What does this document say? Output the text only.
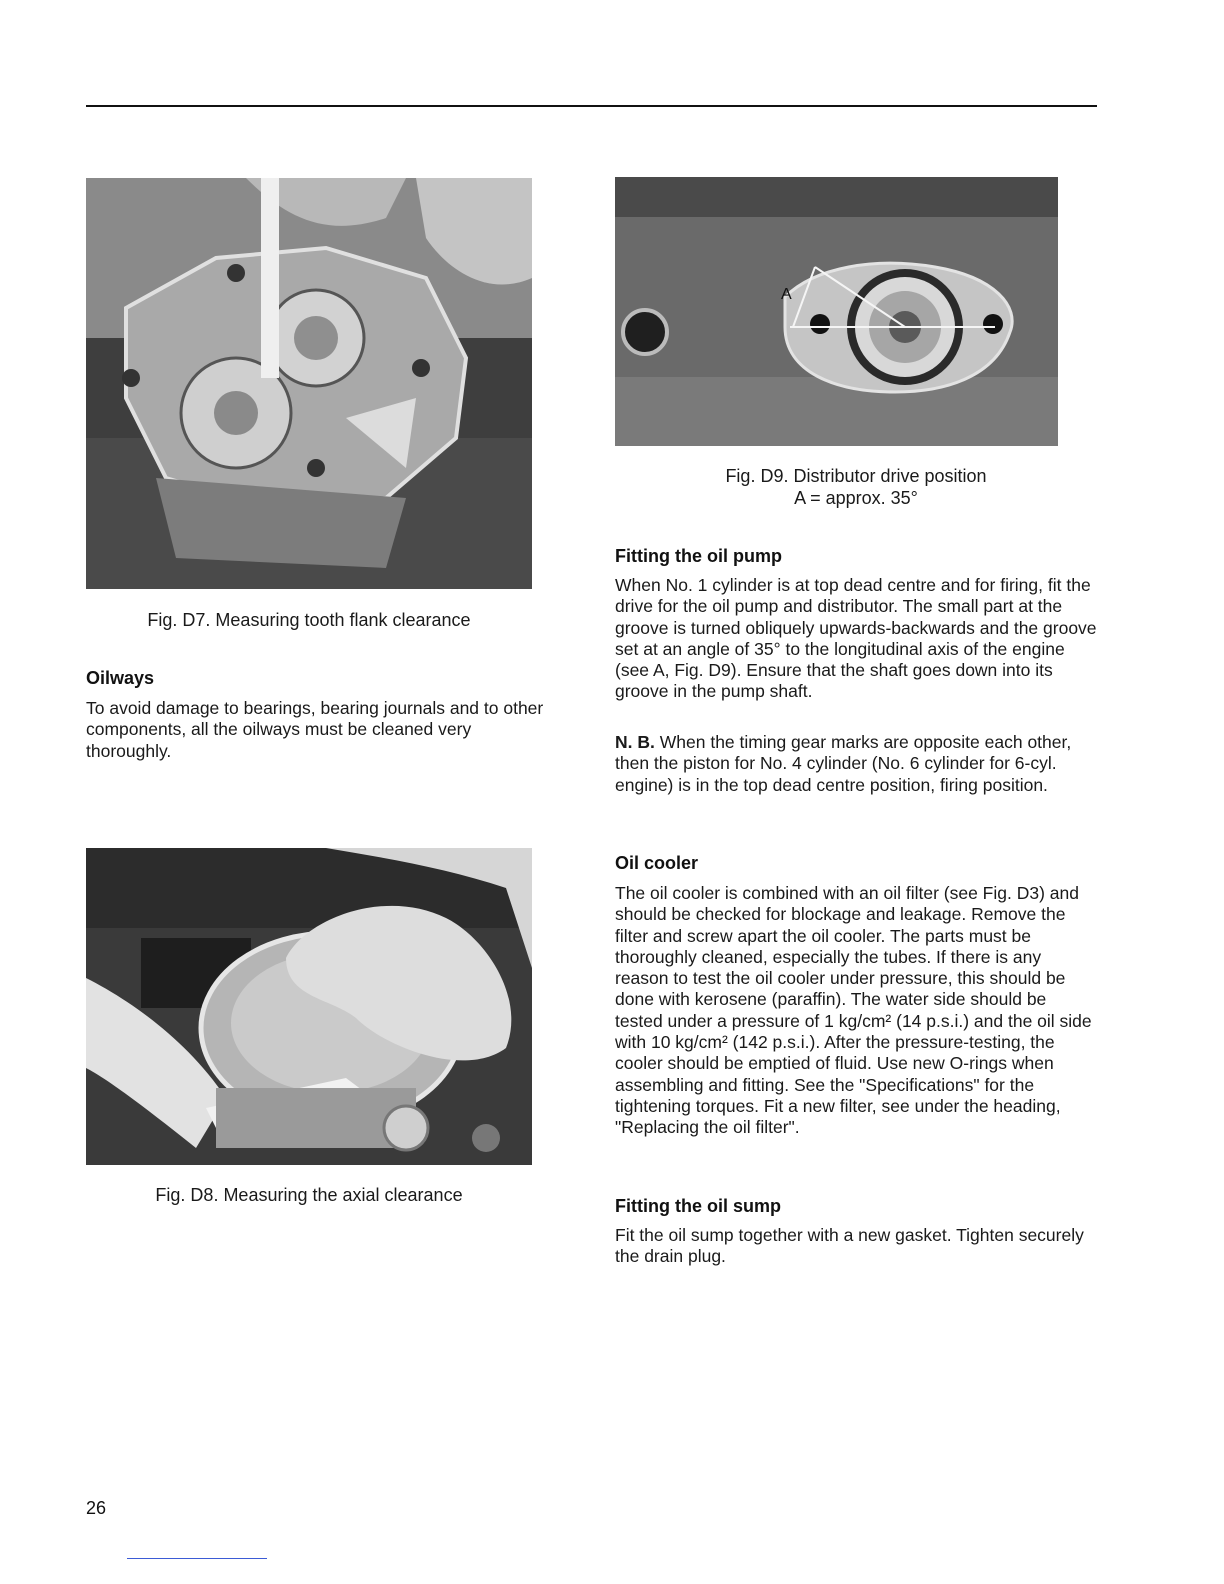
Fig. D7. Measuring tooth flank clearance
Oilways

To avoid damage to bearings, bearing journals and to other components, all the oilways must be cleaned very thoroughly.

Fig. D8. Measuring the axial clearance
A
Fig. D9. Distributor drive position
A = approx. 35°
Fitting the oil pump

When No. 1 cylinder is at top dead centre and for firing, fit the drive for the oil pump and distributor. The small part at the groove is turned obliquely upwards-backwards and the groove set at an angle of 35° to the longitudinal axis of the engine (see A, Fig. D9). Ensure that the shaft goes down into its groove in the pump shaft.

N. B. When the timing gear marks are opposite each other, then the piston for No. 4 cylinder (No. 6 cylinder for 6-cyl. engine) is in the top dead centre position, firing position.

Oil cooler

The oil cooler is combined with an oil filter (see Fig. D3) and should be checked for blockage and leakage. Remove the filter and screw apart the oil cooler. The parts must be thoroughly cleaned, especially the tubes. If there is any reason to test the oil cooler under pressure, this should be done with kerosene (paraffin). The water side should be tested under a pressure of 1 kg/cm² (14 p.s.i.) and the oil side with 10 kg/cm² (142 p.s.i.). After the pressure-testing, the cooler should be emptied of fluid. Use new O-rings when assembling and fitting. See the "Specifications" for the tightening torques. Fit a new filter, see under the heading, "Replacing the oil filter".

Fitting the oil sump

Fit the oil sump together with a new gasket. Tighten securely the drain plug.

26
